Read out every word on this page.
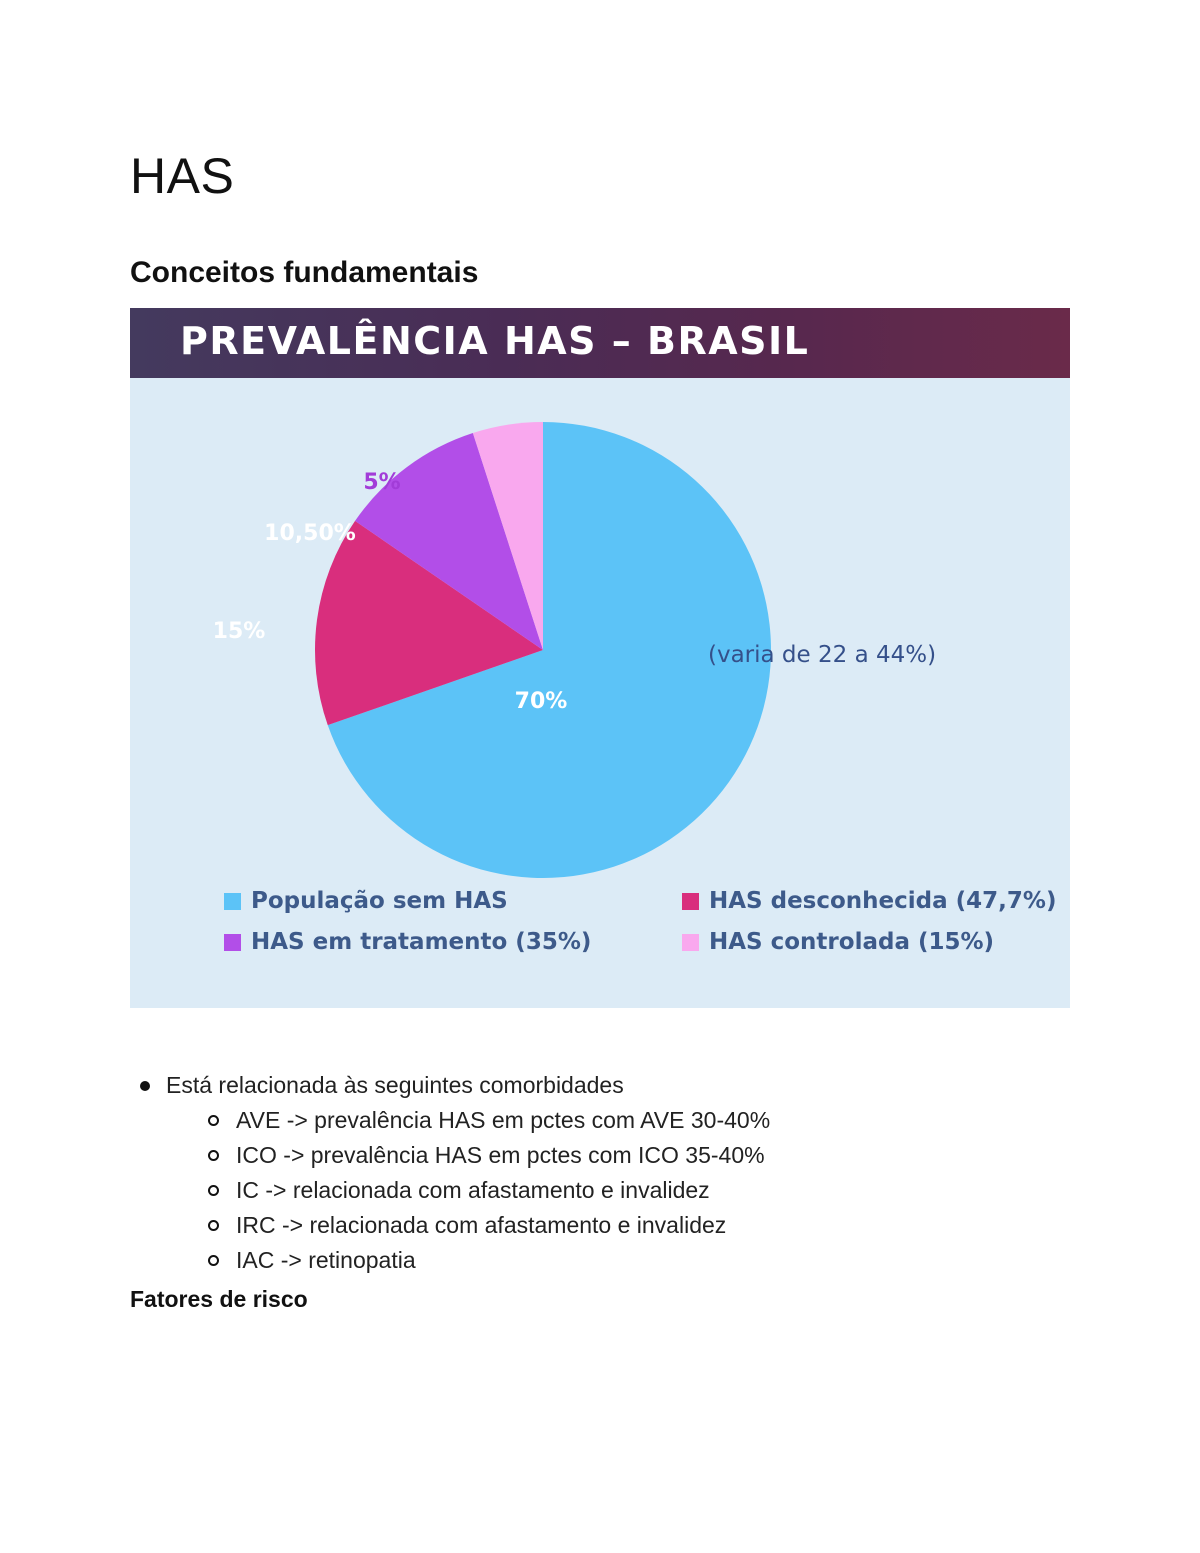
HAS
Conceitos fundamentais
PREVALÊNCIA HAS – BRASIL
70%
15%
10,50%
5%
(varia de 22 a 44%)
População sem HAS	HAS desconhecida (47,7%)
HAS em tratamento (35%)	HAS controlada (15%)
Está relacionada às seguintes comorbidades
AVE -> prevalência HAS em pctes com AVE 30-40%
ICO -> prevalência HAS em pctes com ICO 35-40%
IC -> relacionada com afastamento e invalidez
IRC -> relacionada com afastamento e invalidez
IAC -> retinopatia
Fatores de risco
